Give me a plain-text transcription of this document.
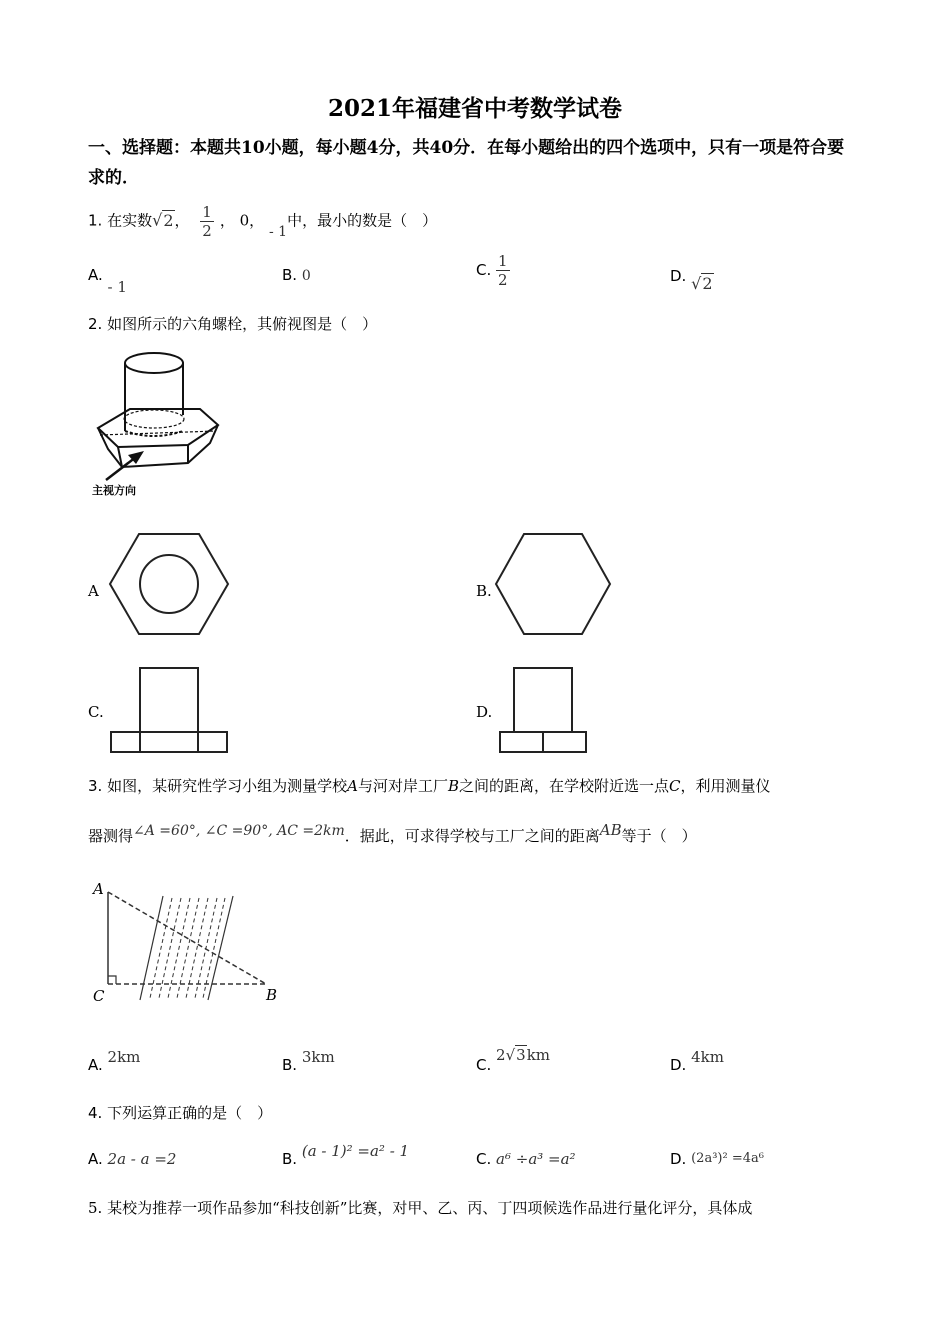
2021年福建省中考数学试卷
一、选择题：本题共10小题，每小题4分，共40分．在每小题给出的四个选项中，只有一项是符合要求的．
1. 在实数√2， $\frac{1}{2}$ ， 0， - 1中，最小的数是（　）
A. - 1
B. 0	C. $\frac{1}{2}$	D. √2
2. 如图所示的六角螺栓，其俯视图是（　）
主视方向
A	B.
C.	D.
3. 如图，某研究性学习小组为测量学校A与河对岸工厂B之间的距离，在学校附近选一点C，利用测量仪
器测得∠A =60°, ∠C =90°, AC =2km．据此，可求得学校与工厂之间的距离AB等于（　）
A
C	B
A. 2km	B. 3km	C. 2√3km
D. 4km
4. 下列运算正确的是（　）
A. 2a - a =2	B. (a - 1)² =a² - 1	C. a⁶ ÷a³ =a²	D. (2a³)² =4a⁶
5. 某校为推荐一项作品参加“科技创新”比赛，对甲、乙、丙、丁四项候选作品进行量化评分，具体成
